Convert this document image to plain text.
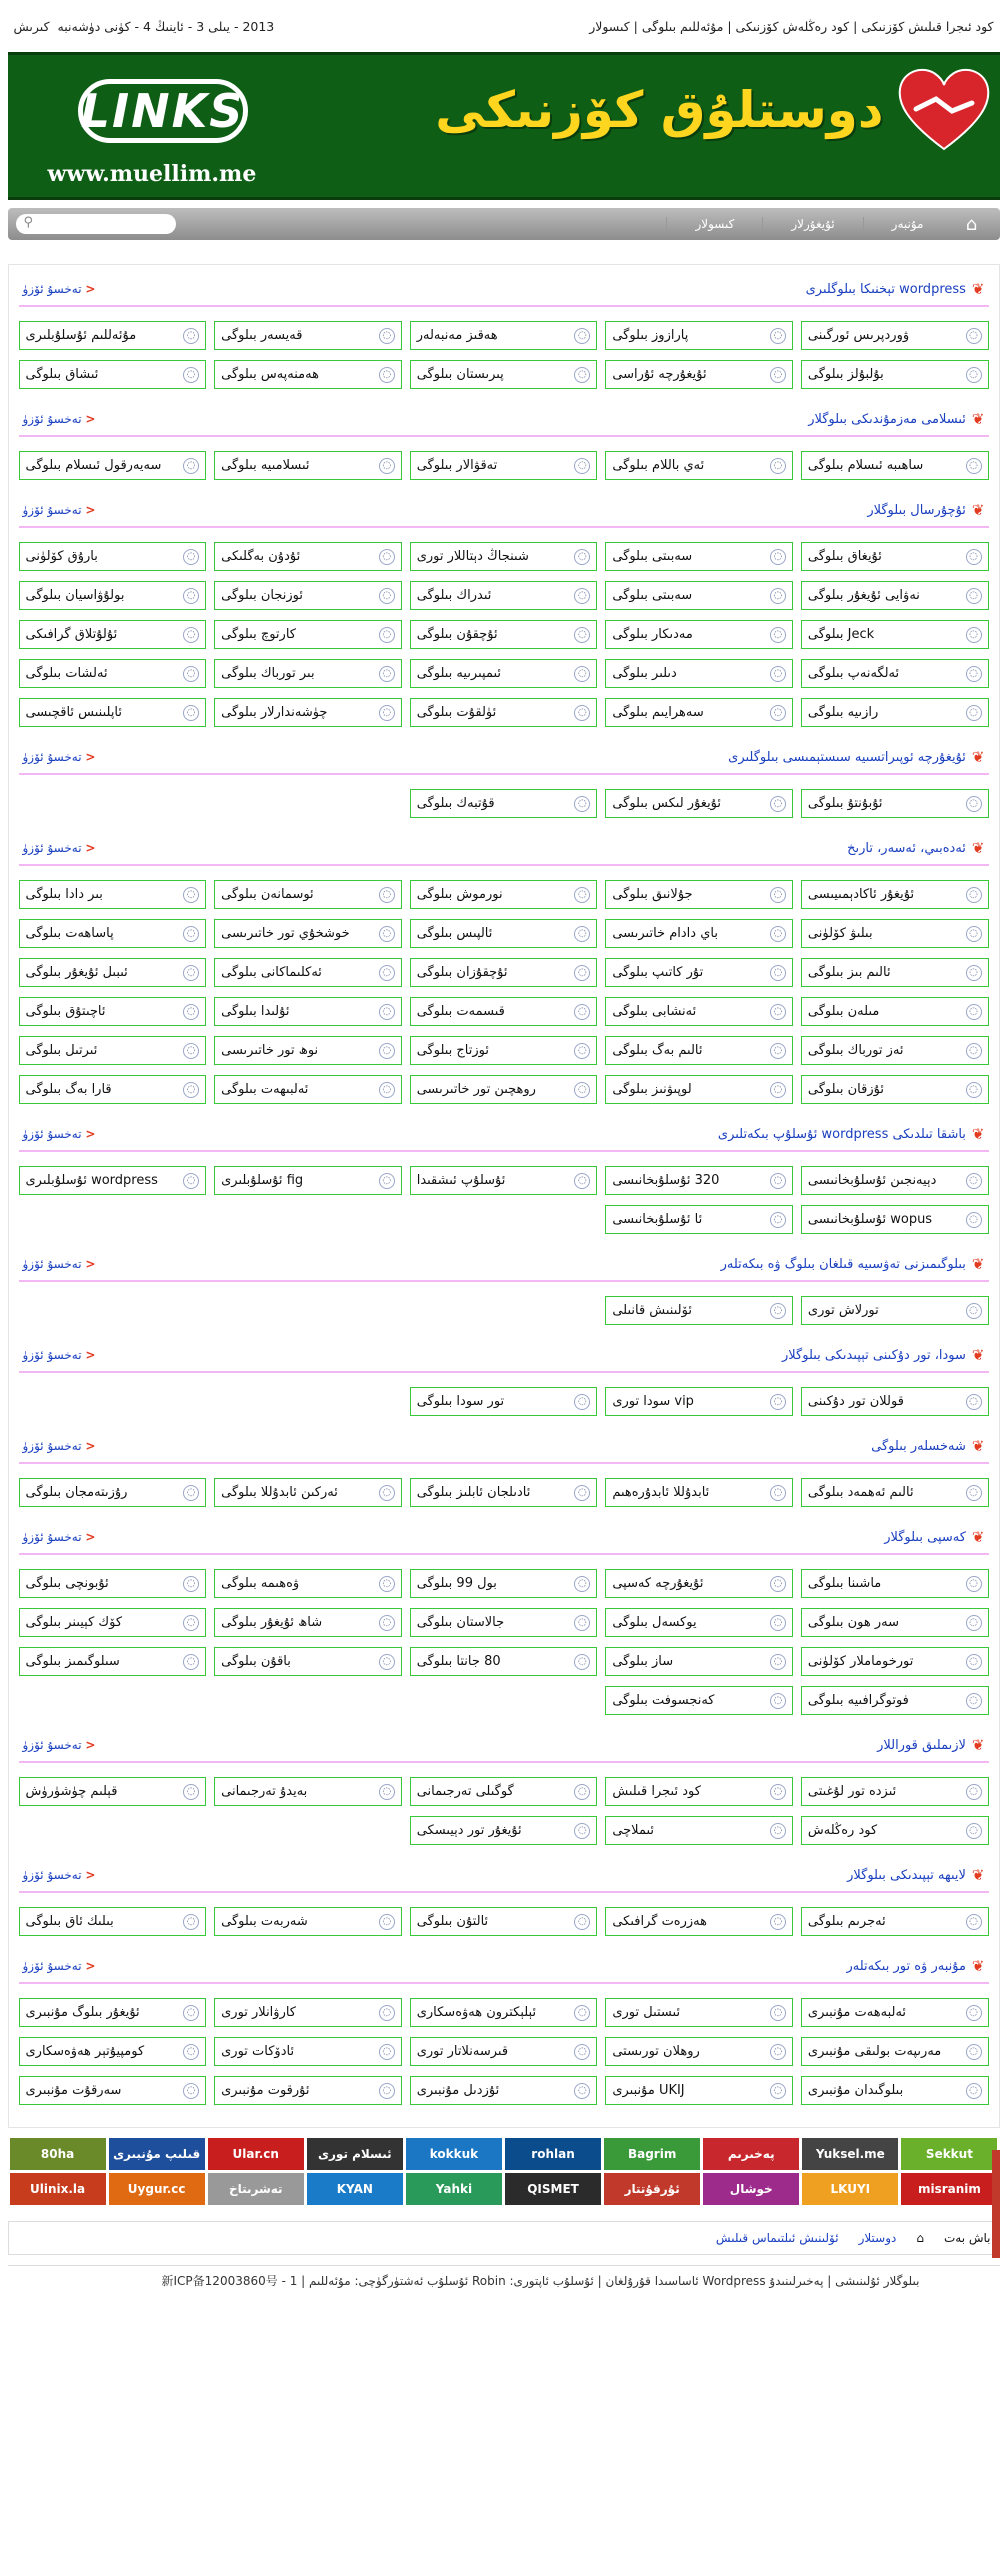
2013 - يىلى 3 - ئاينىڭ 4 - كۈنى دۈشەنبە
كىرىش	كود ئىجرا قىلىش كۆزنىكى | كود رەڭلەش كۆزنىكى | مۇئەللىم بىلوگى | كىسولار
LINKS
www.muellim.me
دوستلۇق كۆزنىكى
⚲	⌂
مۇنبەر
ئۇيغۇرلار
كىسولار
< تەخسۇ ئۆزۈ	❦
wordpress تېخنىكا بىلوگلىرى
◌
ۋوردپرىس ئورگىنى
◌
پارازوز بىلوگى
◌
ھەقىز مەنبەلەر
◌
قەيسەر بىلوگى
◌
مۇئەللىم ئۇسلۇبلىرى
◌
بۇلبۇلز بىلوگى
◌
ئۇيغۇرچە ئۇراسى
◌
پىرىستان بىلوگى
◌
ھەمنەپەس بىلوگى
◌
ئىشاق بىلوگى
< تەخسۇ ئۆزۈ	❦
ئىسلامى مەزمۇندىكى بىلوگلار
◌
ساھىبە ئىسلام بىلوگى
◌
ئەي باللام بىلوگى
◌
تەقۋالار بىلوگى
◌
ئىسلامىيە بىلوگى
◌
سەيەرقول ئىسلام بىلوگى
< تەخسۇ ئۆزۈ	❦
ئۇچۇرسال بىلوگلار
◌
ئۇيغاق بىلوگى
◌
سەبىتى بىلوگى
◌
شىنجاڭ دېتاللار تورى
◌
ئۇدۇن بەگلىكى
◌
بارۇق كۆلۈنى
◌
نەۋايى ئۇيغۇر بىلوگى
◌
سەبىتى بىلوگى
◌
ئىدراك بىلوگى
◌
ئوزنجان بىلوگى
◌
بولۇۋاسيان بىلوگى
◌
Jeck بىلوگى
◌
مەدىكار بىلوگى
◌
ئۇچقۇن بىلوگى
◌
كارتوچ بىلوگى
◌
ئۇلۇتلاق گرافىكى
◌
ئەلگەنەپ بىلوگى
◌
دىلىر بىلوگى
◌
ئىمپىرىيە بىلوگى
◌
بىر تورباك بىلوگى
◌
ئەلشات بىلوگى
◌
رازىيە بىلوگى
◌
سەھرايىم بىلوگى
◌
ئۈلقۇت بىلوگى
◌
چۈشەندارلار بىلوگى
◌
ئاپلىنىس ئاقچىسى
< تەخسۇ ئۆزۈ	❦
ئۇيغۇرچە ئوپىراتسىيە سىستېمىسى بىلوگلىرى
◌
ئۇبۇنتۇ بىلوگى
◌
ئۇيغۇر لىكس بىلوگى
◌
قۇتبەك بىلوگى
< تەخسۇ ئۆزۈ	❦
ئەدەبىي، ئەسەر، تارىخ
◌
ئۇيغۇر ئاكادېمىيىسى
◌
جۇلانىق بىلوگى
◌
نورموش بىلوگى
◌
ئوسمانەن بىلوگى
◌
بىر دادا بىلوگى
◌
بىلىۋ كۆلۈنى
◌
باي دادام خاتىرىسى
◌
ئالپىس بىلوگى
◌
خوشخۇي تور خاتىرىسى
◌
پاساھەت بىلوگى
◌
ئالىم بىز بىلوگى
◌
تۇر كاتىپ بىلوگى
◌
ئۇچقۇزان بىلوگى
◌
ئەكلىماكانى بىلوگى
◌
ئىبىل ئۇيغۇر بىلوگى
◌
مىلەن بىلوگى
◌
ئەنشابى بىلوگى
◌
قىسمەت بىلوگى
◌
ئۇلىدا بىلوگى
◌
ئاچىتۇق بىلوگى
◌
ئەز تورباك بىلوگى
◌
ئالىم بەگ بىلوگى
◌
ئوزتاج بىلوگى
◌
نوھ تور خاتىرىسى
◌
ئىرتىل بىلوگى
◌
ئۇزقان بىلوگى
◌
لوپىۋنىز بىلوگى
◌
روھچىن تور خاتىرىسى
◌
ئەلبىھەت بىلوگى
◌
قارا بەگ بىلوگى
< تەخسۇ ئۆزۈ	❦
باشقا تىلدىكى wordpress ئۇسلۇپ بىكەتلىرى
◌
دېيەنجىن ئۇسلۇبخانىسى
◌
320 ئۇسلۇبخانىسى
◌
ئۇسلۇپ ئىشقىدا
◌
fig ئۇسلۇبلىرى
◌
wordpress ئۇسلۇبلىرى
◌
wopus ئۇسلۇبخانىسى
◌
ئا ئۇسلۇبخانىسى
< تەخسۇ ئۆزۈ	❦
بىلوگىمىزنى تەۋسىيە قىلغان بىلوگ ۋە بىكەتلەر
◌
تورلاش تورى
◌
ئۆلىنىش قانىلى
< تەخسۇ ئۆزۈ	❦
سودا، تور دۇكىنى تېپىدىكى بىلوگلار
◌
قوللان تور دۇكىنى
◌
vip سودا تورى
◌
تور سودا بىلوگى
< تەخسۇ ئۆزۈ	❦
شەخسلەر بىلوگى
◌
ئالىم ئەھمەد بىلوگى
◌
ئابدۇللا ئابدۇرەھىم
◌
ئادىلجان ئابلىز بىلوگى
◌
ئەركىن ئابدۇللا بىلوگى
◌
رۇزىتەمجان بىلوگى
< تەخسۇ ئۆزۈ	❦
كەسپى بىلوگلار
◌
ماشىنا بىلوگى
◌
ئۇيغۇرچە كەسپى
◌
بول 99 بىلوگى
◌
ۋەھىمە بىلوگى
◌
ئۇبونچى بىلوگى
◌
سەر ھون بىلوگى
◌
يوكسەل بىلوگى
◌
جالاستان بىلوگى
◌
شاھ ئۇيغۇر بىلوگى
◌
كۆك كېيىنر بىلوگى
◌
تورخوماملار كۆلۈنى
◌
ساز بىلوگى
◌
80 جانتا بىلوگى
◌
باقۇن بىلوگى
◌
سىلوگىمىز بىلوگى
◌
فوتوگرافىيە بىلوگى
◌
كەنجسوفت بىلوگى
< تەخسۇ ئۆزۈ	❦
لازىملىق قوراللار
◌
ئىزدە تور لۇغىتى
◌
كود ئىجرا قىلىش
◌
گوگىلى تەرجىمانى
◌
بەيدۇ تەرجىمانى
◌
قېلىم چۈشۈرۈش
◌
كود رەڭلەش
◌
ئىملاچى
◌
ئۇيغۇر تور دېيىسكى
< تەخسۇ ئۆزۈ	❦
لايىھە تېپىدىكى بىلوگلار
◌
ئەجرىم بىلوگى
◌
ھەزرەت گرافىكى
◌
ئالتۇن بىلوگى
◌
شەربەت بىلوگى
◌
بىلىك ئاق بىلوگى
< تەخسۇ ئۆزۈ	❦
مۇنبەر ۋە تور بىكەتلەر
◌
ئەلبەھەت مۇنبىرى
◌
ئىستىل تورى
◌
ئېلېكترون ھەۋەسكارى
◌
كارۋانلار تورى
◌
ئۇيغۇر بىلوگ مۇنبىرى
◌
مەرىپەت بولىقى مۇنبىرى
◌
روھلان تورىستى
◌
قىرسەنلاتار تورى
◌
ئادۆكات تورى
◌
كومپيۇتېر ھەۋەسكارى
◌
بىلوگىدان مۇنبىرى
◌
UKIJ مۇنبىرى
◌
ئۇزدىل مۇنبىرى
◌
ئۇرقوت مۇنبىرى
◌
سەرقۇت مۇنبىرى
80ha	قىلىپ مۇنبىرى	Ular.cn	ئىسلام تورى	kokkuk	rohlan	Bagrim	پەخىرىم	Yuksel.me	Sekkut
Ulinix.la	Uygur.cc	تەشرىتاخ	KYAN	Yahki	QISMET	ئۇرقۇتتار	خوشال	LKUYI	misranim
باش بەت
⌂
دوستلار
ئۆلىنىش ئىلتىماس قىلىش
بىلوگلار ئۇلىنىشى | پەخىرلىنىدۇ Wordpress ئاساسىدا قۇرۇلغان | ئۇسلۇب ئاپتورى: Robin ئۇسلۇب ئەشتۈرگۈچى: مۇئەللىم | 1 - 新ICP备12003860号
